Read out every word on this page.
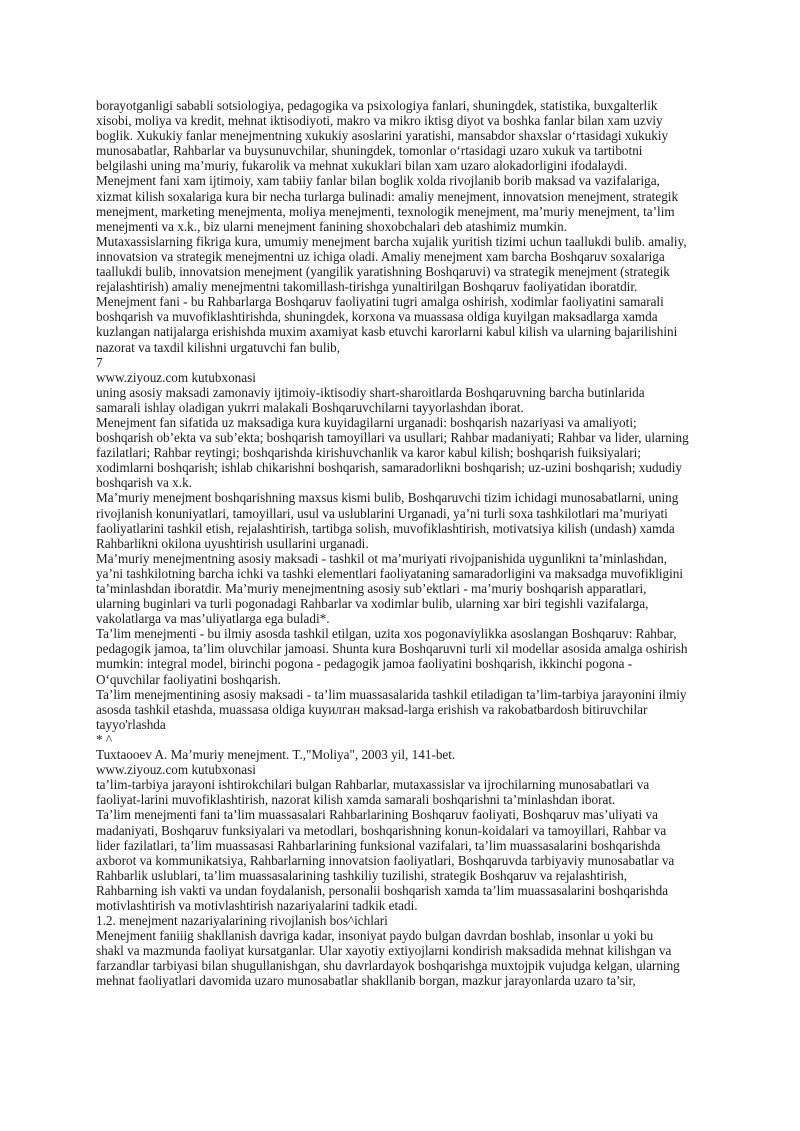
borayotganligi sababli sotsiologiya, pedagogika va psixologiya fanlari, shuningdek, statistika, buxgalterlik
xisobi, moliya va kredit, mehnat iktisodiyoti, makro va mikro iktisg diyot va boshka fanlar bilan xam uzviy
boglik. Xukukiy fanlar menejmentning xukukiy asoslarini yaratishi, mansabdor shaxslar o‘rtasidagi xukukiy
munosabatlar, Rahbarlar va buysunuvchilar, shuningdek, tomonlar o‘rtasidagi uzaro xukuk va tartibotni
belgilashi uning ma’muriy, fukarolik va mehnat xukuklari bilan xam uzaro alokadorligini ifodalaydi.
Menejment fani xam ijtimoiy, xam tabiiy fanlar bilan boglik xolda rivojlanib borib maksad va vazifalariga,
xizmat kilish soxalariga kura bir necha turlarga bulinadi: amaliy menejment, innovatsion menejment, strategik
menejment, marketing menejmenta, moliya menejmenti, texnologik menejment, ma’muriy menejment, ta’lim
menejmenti va x.k., biz ularni menejment fanining shoxobchalari deb atashimiz mumkin.
Mutaxassislarning fikriga kura, umumiy menejment barcha xujalik yuritish tizimi uchun taallukdi bulib. amaliy,
innovatsion va strategik menejmentni uz ichiga oladi. Amaliy menejment xam barcha Boshqaruv soxalariga
taallukdi bulib, innovatsion menejment (yangilik yaratishning Boshqaruvi) va strategik menejment (strategik
rejalashtirish) amaliy menejmentni takomillash-tirishga yunaltirilgan Boshqaruv faoliyatidan iboratdir.
Menejment fani - bu Rahbarlarga Boshqaruv faoliyatini tugri amalga oshirish, xodimlar faoliyatini samarali
boshqarish va muvofiklashtirishda, shuningdek, korxona va muassasa oldiga kuyilgan maksadlarga xamda
kuzlangan natijalarga erishishda muxim axamiyat kasb etuvchi karorlarni kabul kilish va ularning bajarilishini
nazorat va taxdil kilishni urgatuvchi fan bulib,
7
www.ziyouz.com kutubxonasi
uning asosiy maksadi zamonaviy ijtimoiy-iktisodiy shart-sharoitlarda Boshqaruvning barcha butinlarida
samarali ishlay oladigan yukrri malakali Boshqaruvchilarni tayyorlashdan iborat.
Menejment fan sifatida uz maksadiga kura kuyidagilarni urganadi: boshqarish nazariyasi va amaliyoti;
boshqarish ob’ekta va sub’ekta; boshqarish tamoyillari va usullari; Rahbar madaniyati; Rahbar va lider, ularning
fazilatlari; Rahbar reytingi; boshqarishda kirishuvchanlik va karor kabul kilish; boshqarish fuiksiyalari;
xodimlarni boshqarish; ishlab chikarishni boshqarish, samaradorlikni boshqarish; uz-uzini boshqarish; xududiy
boshqarish va x.k.
Ma’muriy menejment boshqarishning maxsus kismi bulib, Boshqaruvchi tizim ichidagi munosabatlarni, uning
rivojlanish konuniyatlari, tamoyillari, usul va uslublarini Urganadi, ya’ni turli soxa tashkilotlari ma’muriyati
faoliyatlarini tashkil etish, rejalashtirish, tartibga solish, muvofiklashtirish, motivatsiya kilish (undash) xamda
Rahbarlikni okilona uyushtirish usullarini urganadi.
Ma’muriy menejmentning asosiy maksadi - tashkil ot ma’muriyati rivojpanishida uygunlikni ta’minlashdan,
ya’ni tashkilotning barcha ichki va tashki elementlari faoliyataning samaradorligini va maksadga muvofikligini
ta’minlashdan iboratdir. Ma’muriy menejmentning asosiy sub’ektlari - ma’muriy boshqarish apparatlari,
ularning buginlari va turli pogonadagi Rahbarlar va xodimlar bulib, ularning xar biri tegishli vazifalarga,
vakolatlarga va mas’uliyatlarga ega buladi*.
Ta’lim menejmenti - bu ilmiy asosda tashkil etilgan, uzita xos pogonaviylikka asoslangan Boshqaruv: Rahbar,
pedagogik jamoa, ta’lim oluvchilar jamoasi. Shunta kura Boshqaruvni turli xil modellar asosida amalga oshirish
mumkin: integral model, birinchi pogona - pedagogik jamoa faoliyatini boshqarish, ikkinchi pogona -
O‘quvchilar faoliyatini boshqarish.
Ta’lim menejmentining asosiy maksadi - ta’lim muassasalarida tashkil etiladigan ta’lim-tarbiya jarayonini ilmiy
asosda tashkil etashda, muassasa oldiga kuyилган maksad-larga erishish va rakobatbardosh bitiruvchilar
tayyo'rlashda
* ^
Tuxtaooev A. Ma’muriy menejment. T.,"Moliya", 2003 yil, 141-bet.
www.ziyouz.com kutubxonasi
ta’lim-tarbiya jarayoni ishtirokchilari bulgan Rahbarlar, mutaxassislar va ijrochilarning munosabatlari va
faoliyat-larini muvofiklashtirish, nazorat kilish xamda samarali boshqarishni ta’minlashdan iborat.
Ta’lim menejmenti fani ta’lim muassasalari Rahbarlarining Boshqaruv faoliyati, Boshqaruv mas’uliyati va
madaniyati, Boshqaruv funksiyalari va metodlari, boshqarishning konun-koidalari va tamoyillari, Rahbar va
lider fazilatlari, ta’lim muassasasi Rahbarlarining funksional vazifalari, ta’lim muassasalarini boshqarishda
axborot va kommunikatsiya, Rahbarlarning innovatsion faoliyatlari, Boshqaruvda tarbiyaviy munosabatlar va
Rahbarlik uslublari, ta’lim muassasalarining tashkiliy tuzilishi, strategik Boshqaruv va rejalashtirish,
Rahbarning ish vakti va undan foydalanish, personalii boshqarish xamda ta’lim muassasalarini boshqarishda
motivlashtirish va motivlashtirish nazariyalarini tadkik etadi.
1.2. menejment nazariyalarining rivojlanish bos^ichlari
Menejment faniiig shakllanish davriga kadar, insoniyat paydo bulgan davrdan boshlab, insonlar u yoki bu
shakl va mazmunda faoliyat kursatganlar. Ular xayotiy extiyojlarni kondirish maksadida mehnat kilishgan va
farzandlar tarbiyasi bilan shugullanishgan, shu davrlardayok boshqarishga muxtojpik vujudga kelgan, ularning
mehnat faoliyatlari davomida uzaro munosabatlar shakllanib borgan, mazkur jarayonlarda uzaro ta’sir,
